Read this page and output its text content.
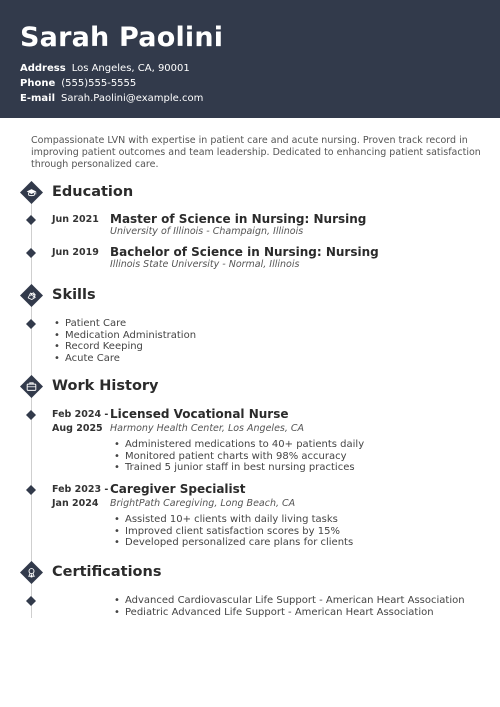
Sarah Paolini
Address Los Angeles, CA, 90001
Phone (555)555-5555
E-mail Sarah.Paolini@example.com
Compassionate LVN with expertise in patient care and acute nursing. Proven track record in improving patient outcomes and team leadership. Dedicated to enhancing patient satisfaction through personalized care.
Education
Jun 2021 Master of Science in Nursing: Nursing
University of Illinois - Champaign, Illinois
Jun 2019 Bachelor of Science in Nursing: Nursing
Illinois State University - Normal, Illinois
Skills
• Patient Care
• Medication Administration
• Record Keeping
• Acute Care
Work History
Feb 2024 -
Aug 2025
Licensed Vocational Nurse
Harmony Health Center, Los Angeles, CA
• Administered medications to 40+ patients daily
• Monitored patient charts with 98% accuracy
• Trained 5 junior staff in best nursing practices
Feb 2023 -
Jan 2024
Caregiver Specialist
BrightPath Caregiving, Long Beach, CA
• Assisted 10+ clients with daily living tasks
• Improved client satisfaction scores by 15%
• Developed personalized care plans for clients
Certifications
• Advanced Cardiovascular Life Support - American Heart Association
• Pediatric Advanced Life Support - American Heart Association
